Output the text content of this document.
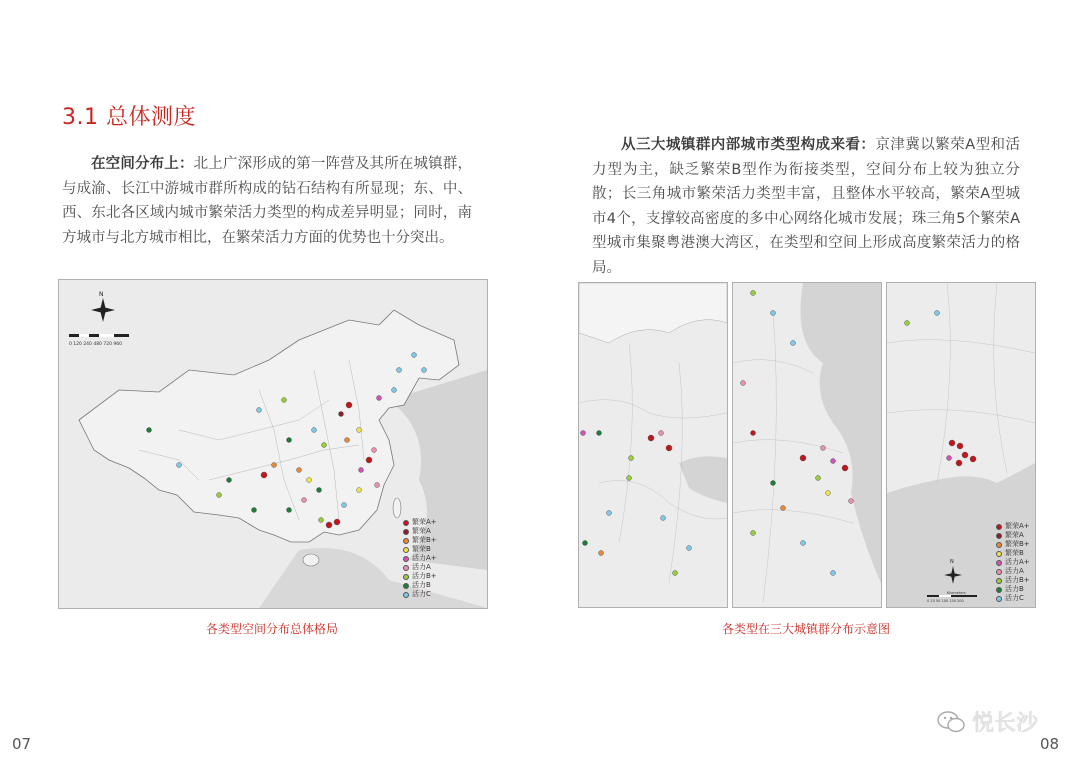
3.1 总体测度

在空间分布上：北上广深形成的第一阵营及其所在城镇群，与成渝、长江中游城市群所构成的钻石结构有所显现；东、中、西、东北各区域内城市繁荣活力类型的构成差异明显；同时，南方城市与北方城市相比，在繁荣活力方面的优势也十分突出。

从三大城镇群内部城市类型构成来看：京津冀以繁荣A型和活力型为主，缺乏繁荣B型作为衔接类型，空间分布上较为独立分散；长三角城市繁荣活力类型丰富，且整体水平较高，繁荣A型城市4个，支撑较高密度的多中心网络化城市发展；珠三角5个繁荣A型城市集聚粤港澳大湾区，在类型和空间上形成高度繁荣活力的格局。

N
0 120 240 480 720 960
繁荣A+
繁荣A
繁荣B+
繁荣B
活力A+
活力A
活力B+
活力B
活力C
N
Kilometers
0 25 50 100 150 200
繁荣A+
繁荣A
繁荣B+
繁荣B
活力A+
活力A
活力B+
活力B
活力C
各类型空间分布总体格局	各类型在三大城镇群分布示意图
07	08
悦长沙
